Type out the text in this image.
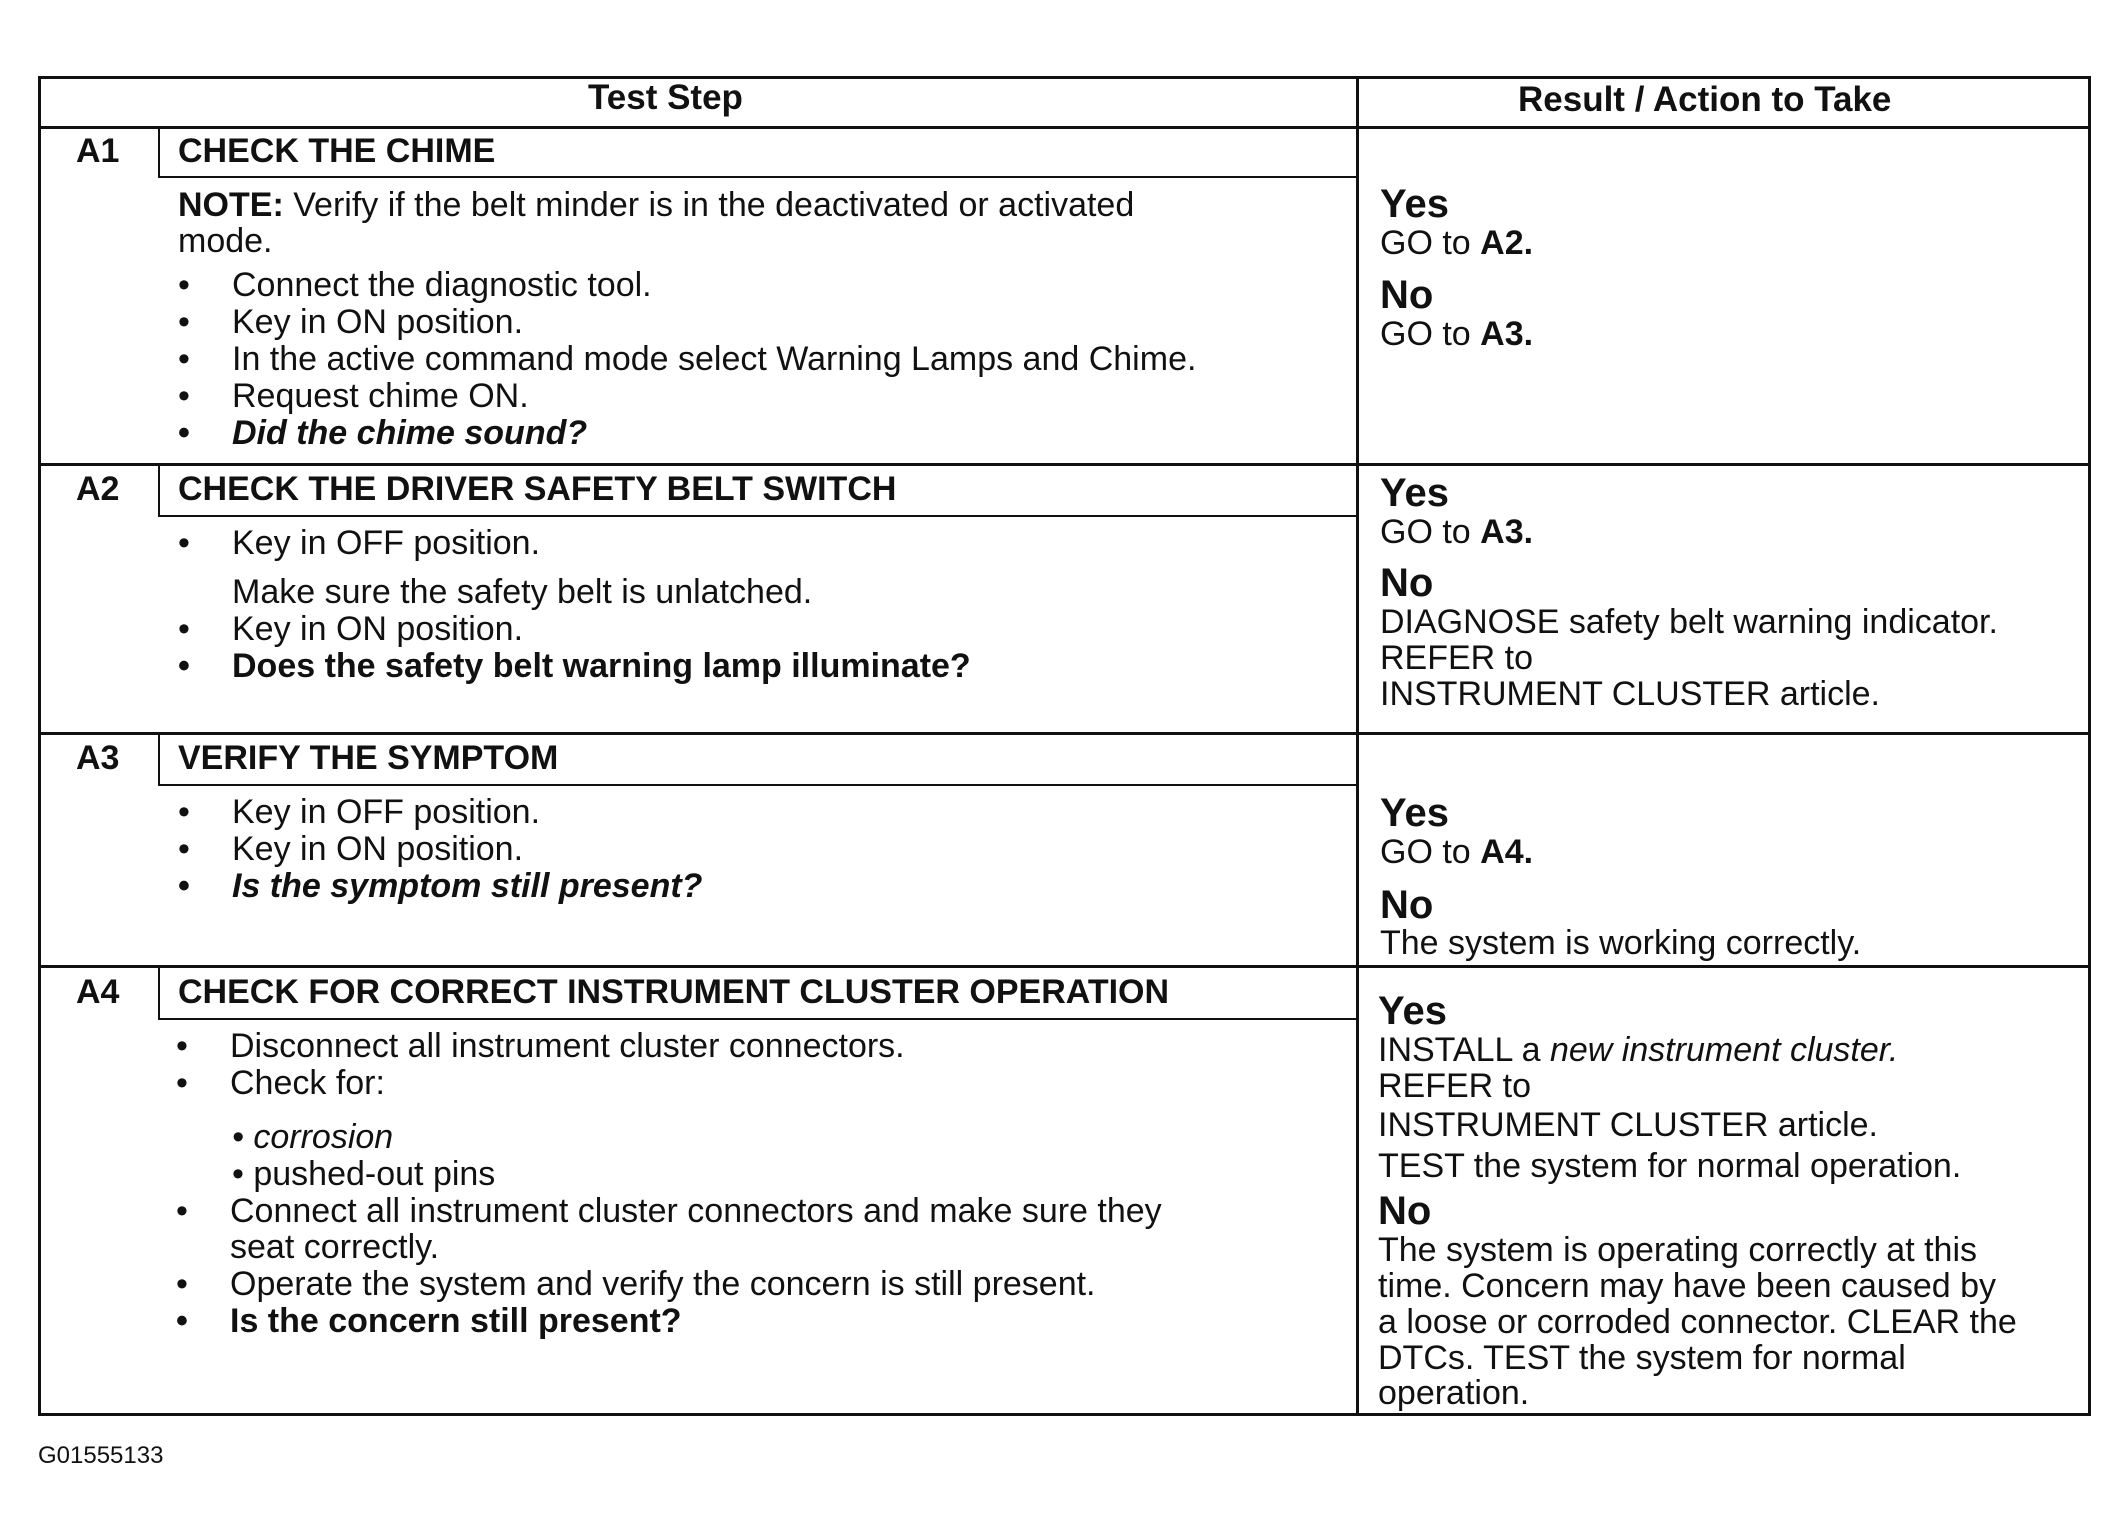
Test Step	Result / Action to Take
A1 CHECK THE CHIME
NOTE: Verify if the belt minder is in the deactivated or activated
mode.
• Connect the diagnostic tool.
• Key in ON position.
• In the active command mode select Warning Lamps and Chime.
• Request chime ON.
• Did the chime sound?
Yes
GO to A2.
No
GO to A3.
A2 CHECK THE DRIVER SAFETY BELT SWITCH
• Key in OFF position.
Make sure the safety belt is unlatched.
• Key in ON position.
• Does the safety belt warning lamp illuminate?
Yes
GO to A3.
No
DIAGNOSE safety belt warning indicator.
REFER to
INSTRUMENT CLUSTER article.
A3 VERIFY THE SYMPTOM
• Key in OFF position.
• Key in ON position.
• Is the symptom still present?
Yes
GO to A4.
No
The system is working correctly.
A4 CHECK FOR CORRECT INSTRUMENT CLUSTER OPERATION
• Disconnect all instrument cluster connectors.
• Check for:
• corrosion
• pushed-out pins
• Connect all instrument cluster connectors and make sure they
seat correctly.
• Operate the system and verify the concern is still present.
• Is the concern still present?
Yes
INSTALL a new instrument cluster.
REFER to
INSTRUMENT CLUSTER article.
TEST the system for normal operation.
No
The system is operating correctly at this
time. Concern may have been caused by
a loose or corroded connector. CLEAR the
DTCs. TEST the system for normal
operation.
G01555133
